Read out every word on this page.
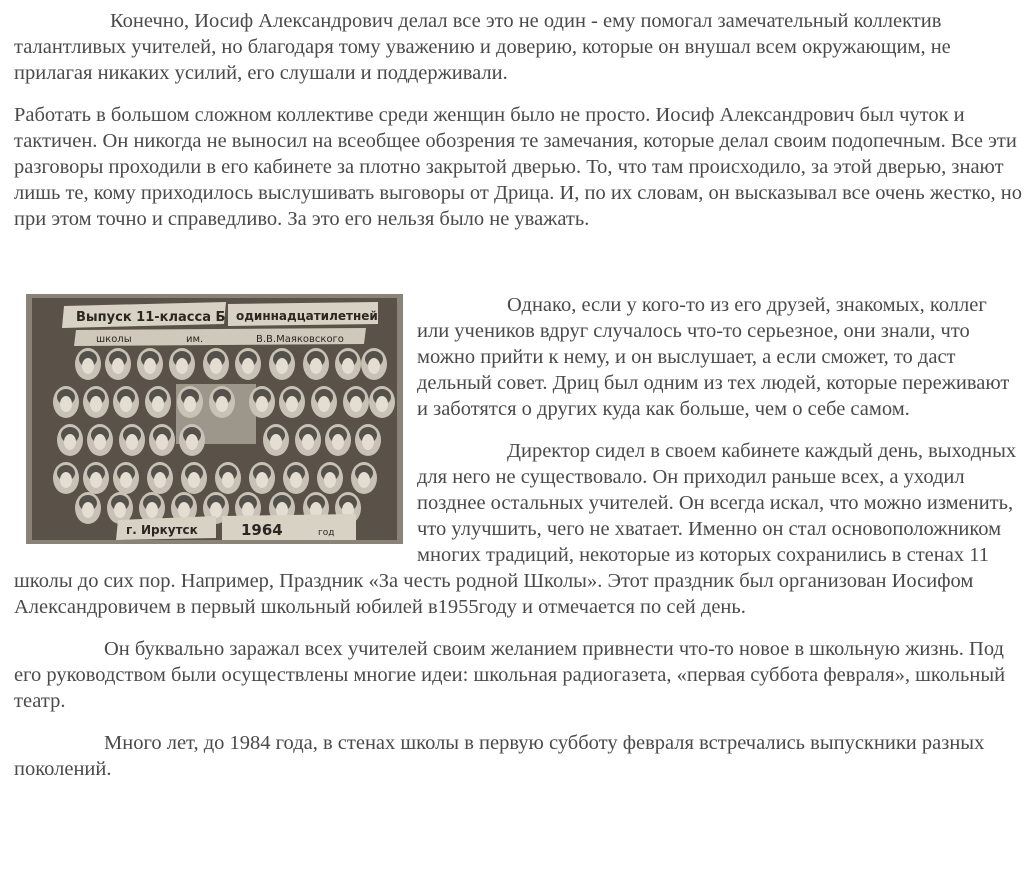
Конечно, Иосиф Александрович делал все это не один - ему помогал замечательный коллектив талантливых учителей, но благодаря тому уважению и доверию, которые он внушал всем окружающим, не прилагая никаких усилий, его слушали и поддерживали.

Работать в большом сложном коллективе среди женщин было не просто. Иосиф Александрович был чуток и тактичен. Он никогда не выносил на всеобщее обозрения те замечания, которые делал своим подопечным. Все эти разговоры проходили в его кабинете за плотно закрытой дверью. То, что там происходило, за этой дверью, знают лишь те, кому приходилось выслушивать выговоры от Дрица. И, по их словам, он высказывал все очень жестко, но при этом точно и справедливо. За это его нельзя было не уважать.

Выпуск 11-класса Б одиннадцатилетней
школы	им.	В.В.Маяковского
г. Иркутск	1964	год

Однако, если у кого-то из его друзей, знакомых, коллег или учеников вдруг случалось что-то серьезное, они знали, что можно прийти к нему, и он выслушает, а если сможет, то даст дельный совет. Дриц был одним из тех людей, которые переживают и заботятся о других куда как больше, чем о себе самом.

Директор сидел в своем кабинете каждый день, выходных для него не существовало. Он приходил раньше всех, а уходил позднее остальных учителей. Он всегда искал, что можно изменить, что улучшить, чего не хватает. Именно он стал основоположником многих традиций, некоторые из которых сохранились в стенах 11 школы до сих пор. Например, Праздник «За честь родной Школы». Этот праздник был организован Иосифом Александровичем в первый школьный юбилей в1955году и отмечается по сей день.

Он буквально заражал всех учителей своим желанием привнести что-то новое в школьную жизнь. Под его руководством были осуществлены многие идеи: школьная радиогазета, «первая суббота февраля», школьный театр.

Много лет, до 1984 года, в стенах школы в первую субботу февраля встречались выпускники разных поколений.
